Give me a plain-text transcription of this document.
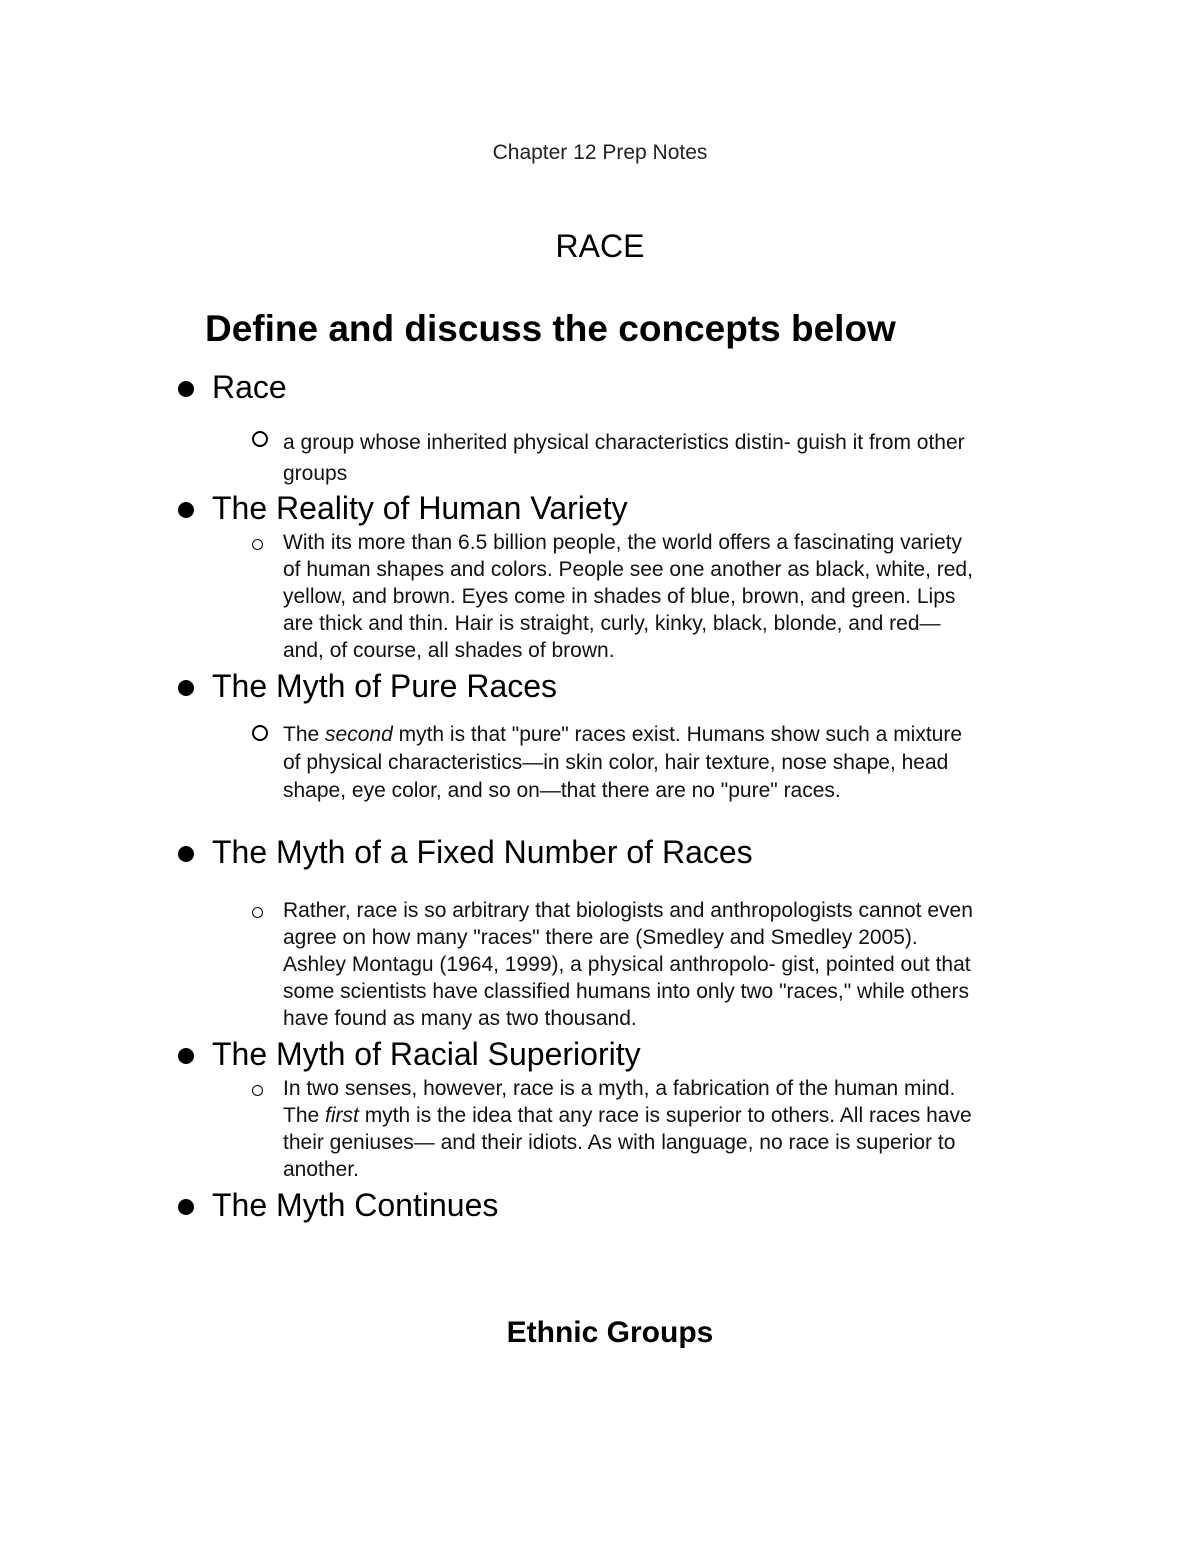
Chapter 12 Prep Notes
RACE
Define and discuss the concepts below
Race
a group whose inherited physical characteristics distin- guish it from other
groups
The Reality of Human Variety
With its more than 6.5 billion people, the world offers a fascinating variety
of human shapes and colors. People see one another as black, white, red,
yellow, and brown. Eyes come in shades of blue, brown, and green. Lips
are thick and thin. Hair is straight, curly, kinky, black, blonde, and red—
and, of course, all shades of brown.
The Myth of Pure Races
The second myth is that "pure" races exist. Humans show such a mixture
of physical characteristics—in skin color, hair texture, nose shape, head
shape, eye color, and so on—that there are no "pure" races.
The Myth of a Fixed Number of Races
Rather, race is so arbitrary that biologists and anthropologists cannot even
agree on how many "races" there are (Smedley and Smedley 2005).
Ashley Montagu (1964, 1999), a physical anthropolo- gist, pointed out that
some scientists have classified humans into only two "races," while others
have found as many as two thousand.
The Myth of Racial Superiority
In two senses, however, race is a myth, a fabrication of the human mind.
The first myth is the idea that any race is superior to others. All races have
their geniuses— and their idiots. As with language, no race is superior to
another.
The Myth Continues
Ethnic Groups
